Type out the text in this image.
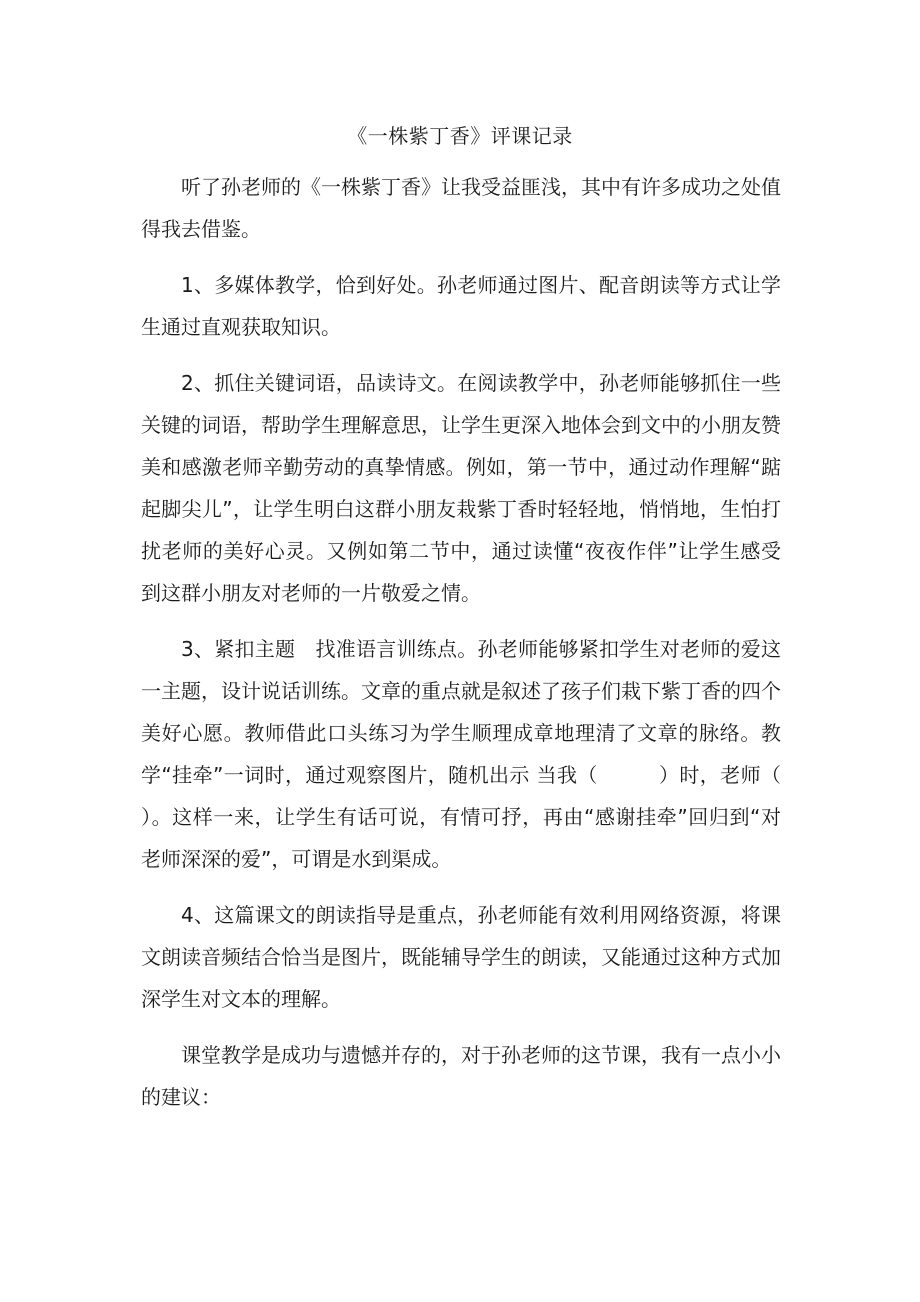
《一株紫丁香》评课记录

听了孙老师的《一株紫丁香》让我受益匪浅，其中有许多成功之处值得我去借鉴。

1、多媒体教学，恰到好处。孙老师通过图片、配音朗读等方式让学生通过直观获取知识。

2、抓住关键词语，品读诗文。在阅读教学中，孙老师能够抓住一些关键的词语，帮助学生理解意思，让学生更深入地体会到文中的小朋友赞美和感激老师辛勤劳动的真挚情感。例如，第一节中，通过动作理解“踮起脚尖儿”，让学生明白这群小朋友栽紫丁香时轻轻地，悄悄地，生怕打扰老师的美好心灵。又例如第二节中，通过读懂“夜夜作伴”让学生感受到这群小朋友对老师的一片敬爱之情。

3、紧扣主题　找准语言训练点。孙老师能够紧扣学生对老师的爱这一主题，设计说话训练。文章的重点就是叙述了孩子们栽下紫丁香的四个美好心愿。教师借此口头练习为学生顺理成章地理清了文章的脉络。教学“挂牵”一词时，通过观察图片，随机出示 当我（　　　）时，老师（　　　）。这样一来，让学生有话可说，有情可抒，再由“感谢挂牵”回归到“对老师深深的爱”，可谓是水到渠成。

4、这篇课文的朗读指导是重点，孙老师能有效利用网络资源，将课文朗读音频结合恰当是图片，既能辅导学生的朗读，又能通过这种方式加深学生对文本的理解。

课堂教学是成功与遗憾并存的，对于孙老师的这节课，我有一点小小的建议：
